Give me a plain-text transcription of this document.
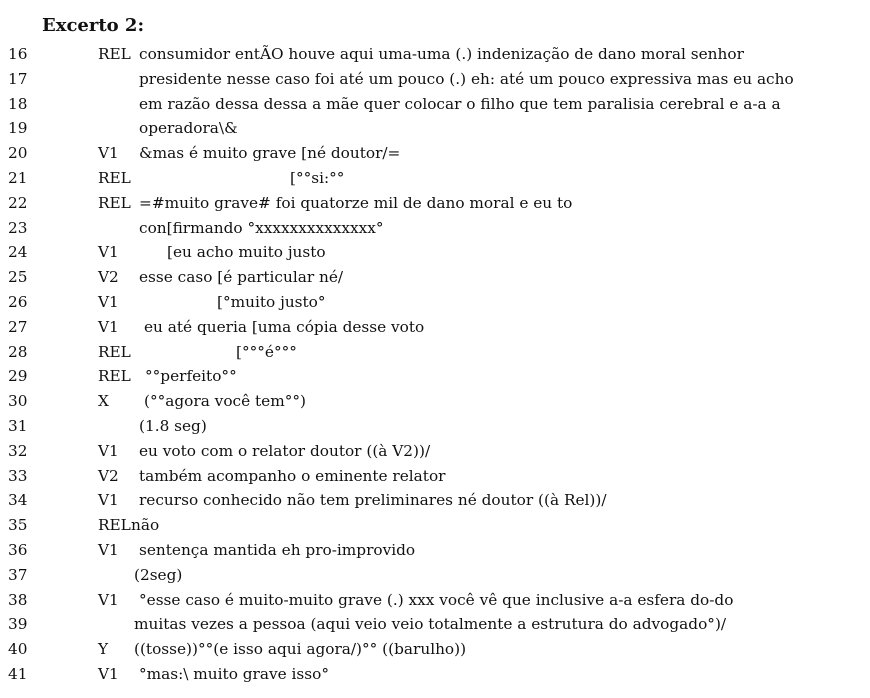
Excerto 2:
16	REL consumidor entÃO houve aqui uma-uma (.) indenização de dano moral senhor
17	presidente nesse caso foi até um pouco (.) eh: até um pouco expressiva mas eu acho
18	em razão dessa dessa a mãe quer colocar o filho que tem paralisia cerebral e a-a a
19	operadora\&
20	V1 &mas é muito grave [né doutor/=
21	REL	[°°si:°°
22	REL =#muito grave# foi quatorze mil de dano moral e eu to
23	con[firmando °xxxxxxxxxxxxxx°
24	V1	[eu acho muito justo
25	V2 esse caso [é particular né/
26	V1	[°muito justo°
27	V1 eu até queria [uma cópia desse voto
28	REL	[°°°é°°°
29	REL °°perfeito°°
30	X (°°agora você tem°°)
31	(1.8 seg)
32	V1 eu voto com o relator doutor ((à V2))/
33	V2 também acompanho o eminente relator
34	V1 recurso conhecido não tem preliminares né doutor ((à Rel))/
35	REL não
36	V1 sentença mantida eh pro-improvido
37	(2seg)
38	V1 °esse caso é muito-muito grave (.) xxx você vê que inclusive a-a esfera do-do
39	muitas vezes a pessoa (aqui veio veio totalmente a estrutura do advogado°)/
40	Y ((tosse))°°(e isso aqui agora/)°° ((barulho))
41	V1 °mas:\ muito grave isso°
